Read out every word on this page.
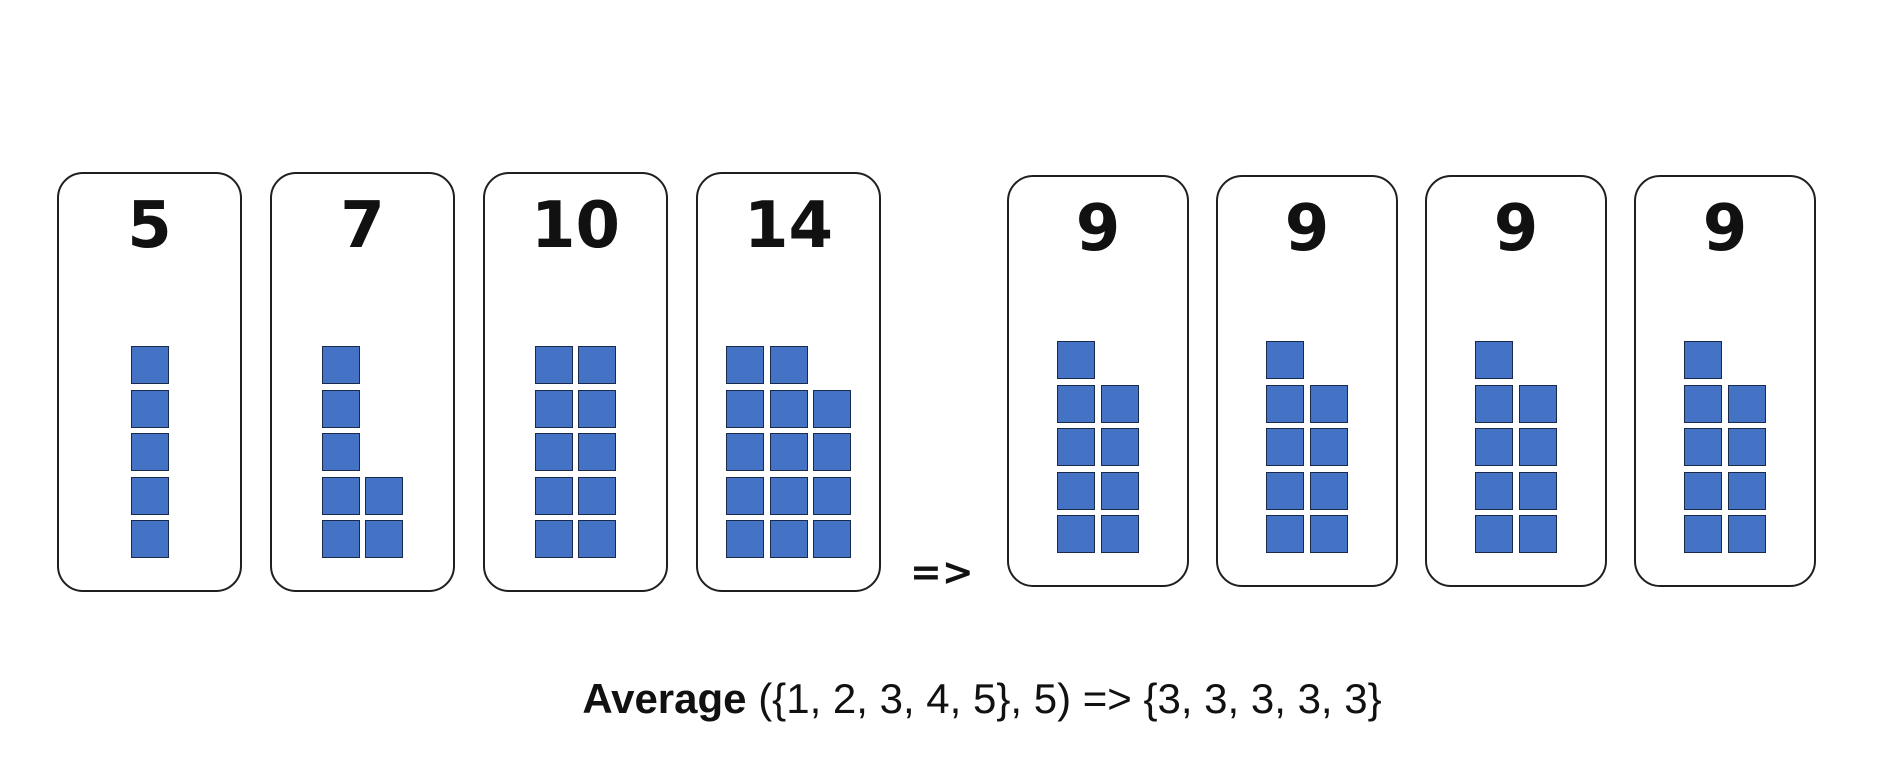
5	7	10	14
=>
9	9	9	9
Average ({1, 2, 3, 4, 5}, 5) => {3, 3, 3, 3, 3}
